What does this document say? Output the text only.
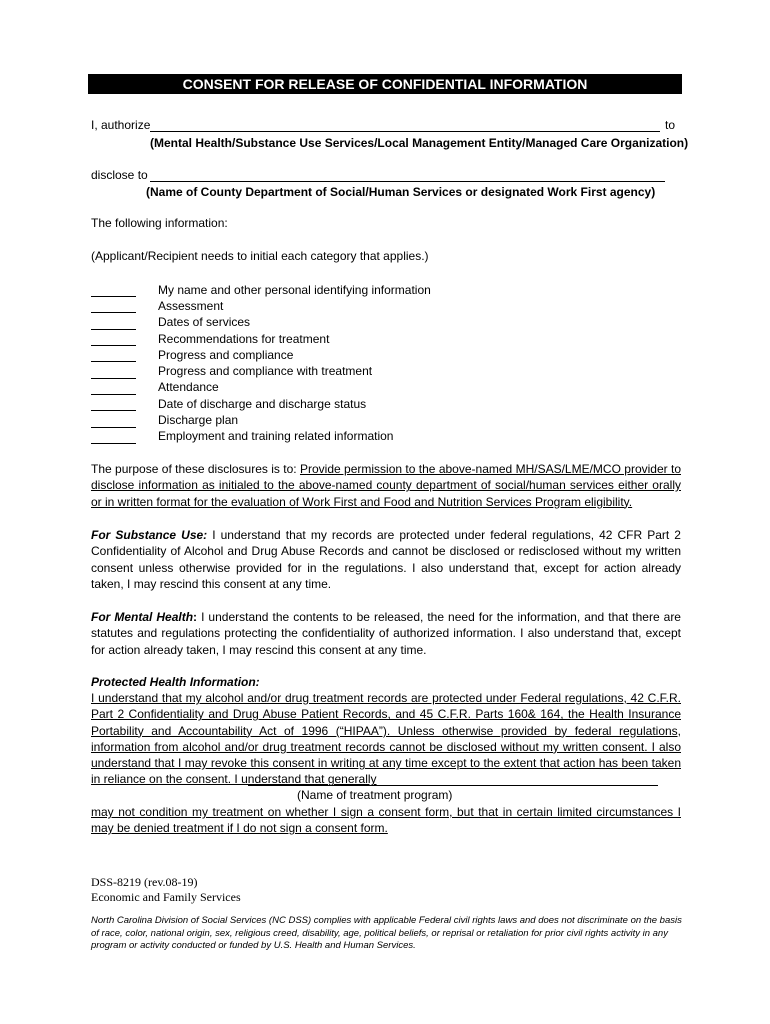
CONSENT FOR RELEASE OF CONFIDENTIAL INFORMATION
I, authorize	to
(Mental Health/Substance Use Services/Local Management Entity/Managed Care Organization)
disclose to
(Name of County Department of Social/Human Services or designated Work First agency)
The following information:
(Applicant/Recipient needs to initial each category that applies.)
My name and other personal identifying information
Assessment
Dates of services
Recommendations for treatment
Progress and compliance
Progress and compliance with treatment
Attendance
Date of discharge and discharge status
Discharge plan
Employment and training related information
The purpose of these disclosures is to: Provide permission to the above-named MH/SAS/LME/MCO provider to disclose information as initialed to the above-named county department of social/human services either orally or in written format for the evaluation of Work First and Food and Nutrition Services Program eligibility.
For Substance Use: I understand that my records are protected under federal regulations, 42 CFR Part 2 Confidentiality of Alcohol and Drug Abuse Records and cannot be disclosed or redisclosed without my written consent unless otherwise provided for in the regulations. I also understand that, except for action already taken, I may rescind this consent at any time.
For Mental Health: I understand the contents to be released, the need for the information, and that there are statutes and regulations protecting the confidentiality of authorized information. I also understand that, except for action already taken, I may rescind this consent at any time.
Protected Health Information:
I understand that my alcohol and/or drug treatment records are protected under Federal regulations, 42 C.F.R. Part 2 Confidentiality and Drug Abuse Patient Records, and 45 C.F.R. Parts 160& 164, the Health Insurance Portability and Accountability Act of 1996 (“HIPAA”). Unless otherwise provided by federal regulations, information from alcohol and/or drug treatment records cannot be disclosed without my written consent. I also understand that I may revoke this consent in writing at any time except to the extent that action has been taken in reliance on the consent. I understand that generally
(Name of treatment program)
may not condition my treatment on whether I sign a consent form, but that in certain limited circumstances I may be denied treatment if I do not sign a consent form.
DSS-8219 (rev.08-19)
Economic and Family Services
North Carolina Division of Social Services (NC DSS) complies with applicable Federal civil rights laws and does not discriminate on the basis of race, color, national origin, sex, religious creed, disability, age, political beliefs, or reprisal or retaliation for prior civil rights activity in any program or activity conducted or funded by U.S. Health and Human Services.
